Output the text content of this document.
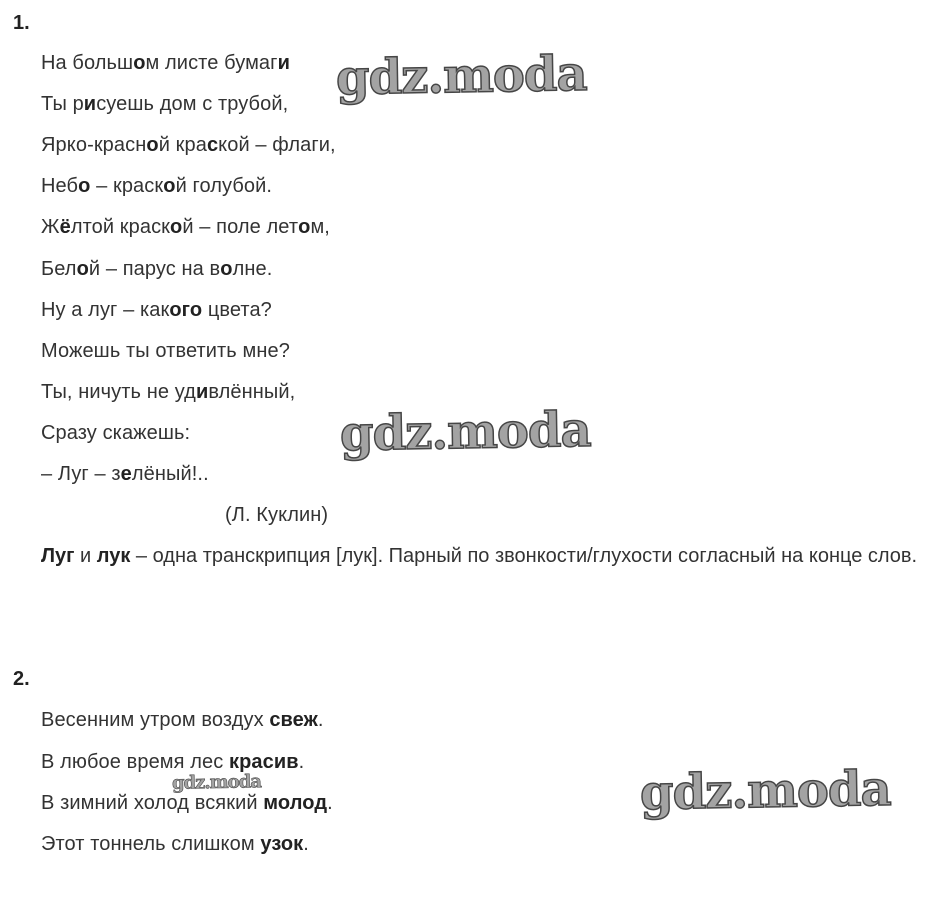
1.
На большом листе бумаги
Ты рисуешь дом с трубой,
Ярко-красной краской – флаги,
Небо – краской голубой.
Жёлтой краской – поле летом,
Белой – парус на волне.
Ну а луг – какого цвета?
Можешь ты ответить мне?
Ты, ничуть не удивлённый,
Сразу скажешь:
– Луг – зелёный!..
(Л. Куклин)
Луг и лук – одна транскрипция [лук]. Парный по звонкости/глухости согласный на конце слов.
2.
Весенним утром воздух свеж.
В любое время лес красив.
В зимний холод всякий молод.
Этот тоннель слишком узок.
gdz.moda
gdz.moda
gdz.moda
gdz.moda
